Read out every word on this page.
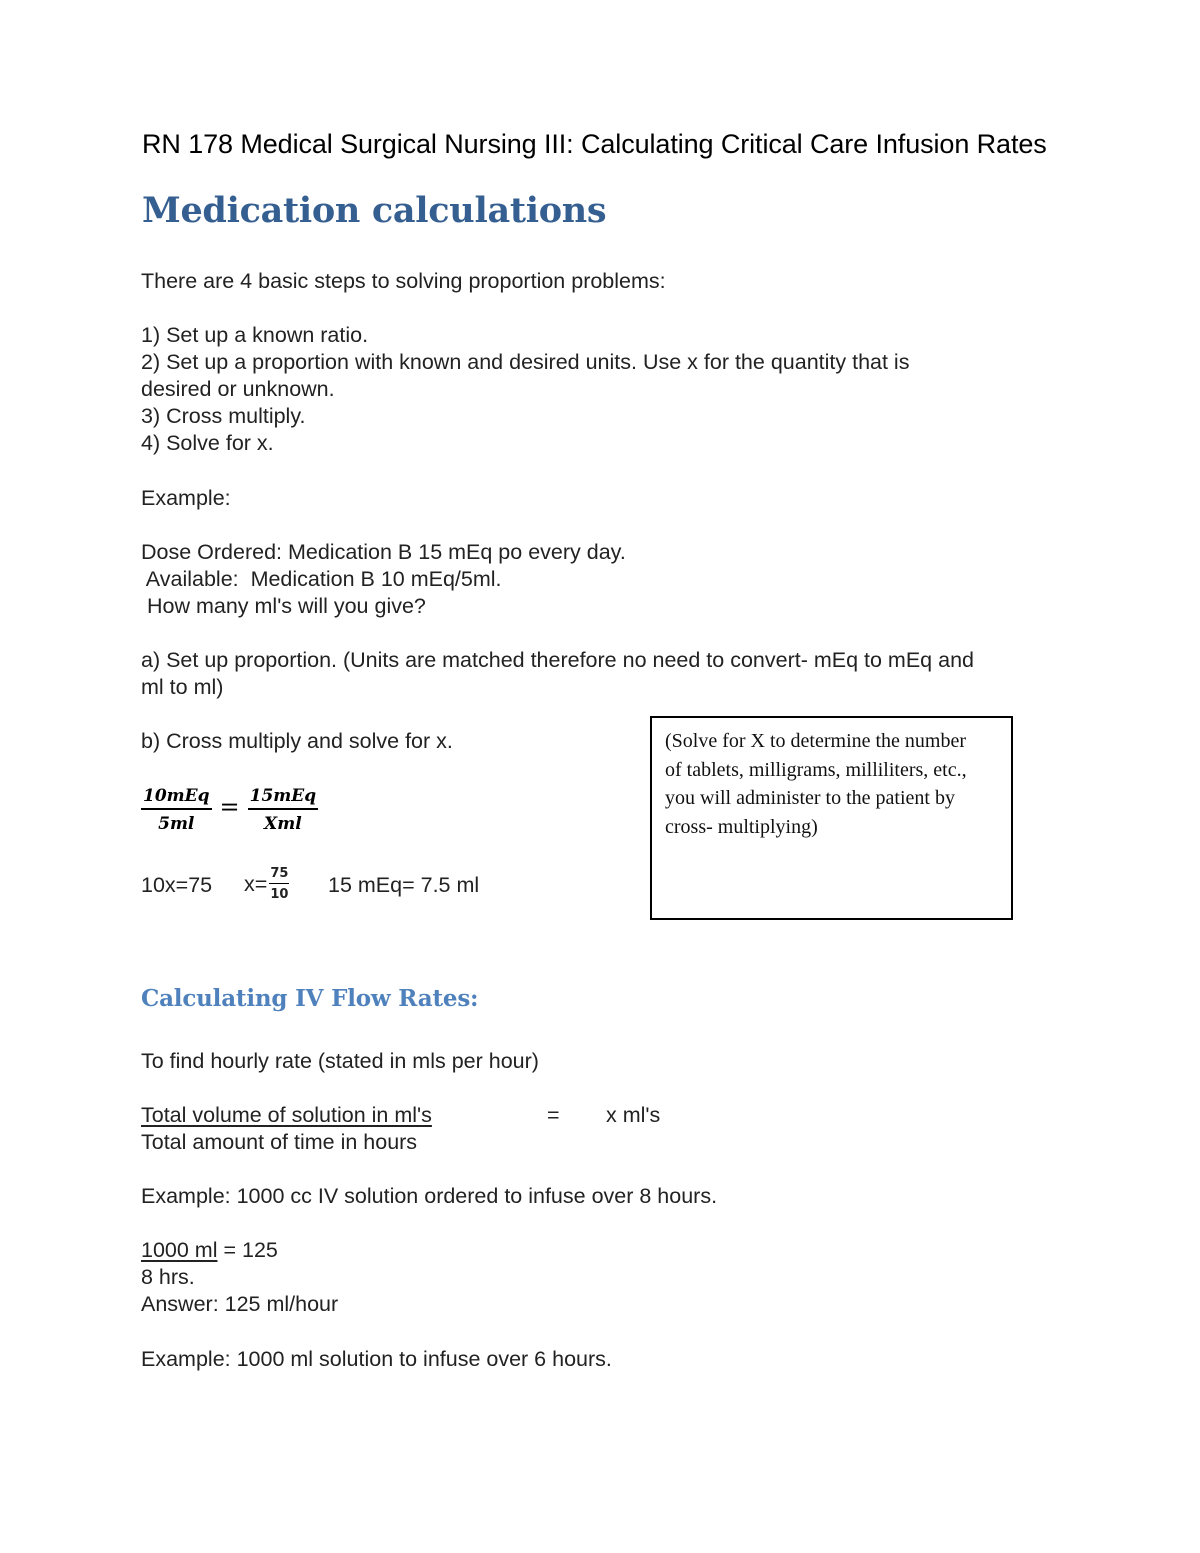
RN 178 Medical Surgical Nursing III: Calculating Critical Care Infusion Rates

Medication calculations

There are 4 basic steps to solving proportion problems:

1) Set up a known ratio.

2) Set up a proportion with known and desired units. Use x for the quantity that is

desired or unknown.

3) Cross multiply.

4) Solve for x.

Example:

Dose Ordered: Medication B 15 mEq po every day.

Available:  Medication B 10 mEq/5ml.

How many ml's will you give?

a) Set up proportion. (Units are matched therefore no need to convert- mEq to mEq and

ml to ml)

b) Cross multiply and solve for x.

$\frac{\text{10mEq}}{5ml} = \frac{\text{15mEq}}{\text{Xml}}$

10x=75 $x= \frac{75}{10} 15$ mEq= 7.5 ml

(Solve for X to determine the number
of tablets, milligrams, milliliters, etc.,
you will administer to the patient by
cross- multiplying)
Calculating IV Flow Rates:

To find hourly rate (stated in mls per hour)

Total volume of solution in ml's	= x ml's

Total amount of time in hours

Example: 1000 cc IV solution ordered to infuse over 8 hours.

1000 ml = 125

8 hrs.

Answer: 125 ml/hour

Example: 1000 ml solution to infuse over 6 hours.
